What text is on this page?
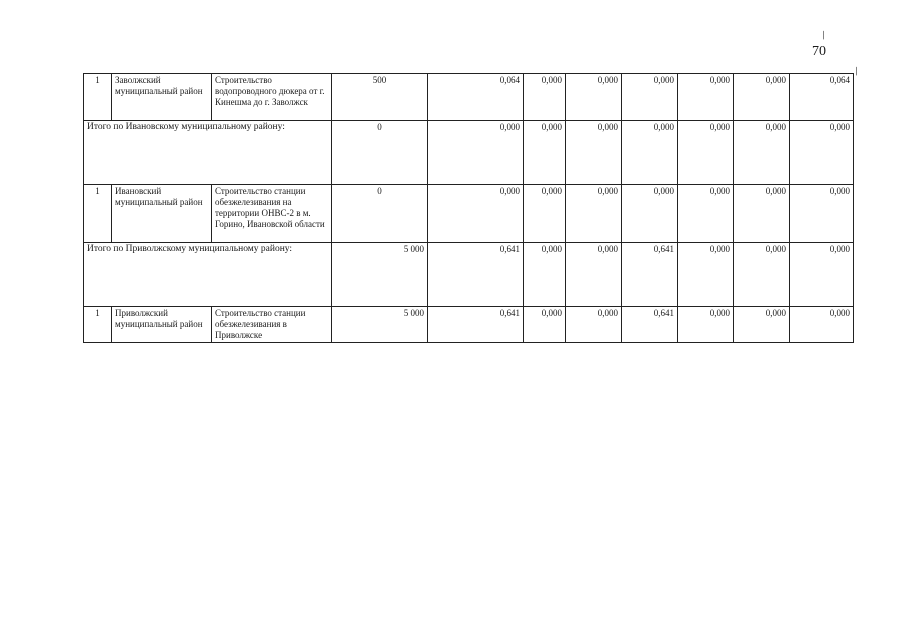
/
70
/
1	Заволжский муниципальный район	Строительство водопроводного дюкера от г. Кинешма до г. Заволжск	500	0,064	0,000	0,000	0,000	0,000	0,000	0,064
Итого по Ивановскому муниципальному району:			0	0,000	0,000	0,000	0,000	0,000	0,000	0,000
1	Ивановский муниципальный район	Строительство станции обезжелезивания на территории ОНВС-2 в м. Горино, Ивановской области	0	0,000	0,000	0,000	0,000	0,000	0,000	0,000
Итого по Приволжскому муниципальному району:			5 000	0,641	0,000	0,000	0,641	0,000	0,000	0,000
1	Приволжский муниципальный район	Строительство станции обезжелезивания в Приволжске	5 000	0,641	0,000	0,000	0,641	0,000	0,000	0,000
